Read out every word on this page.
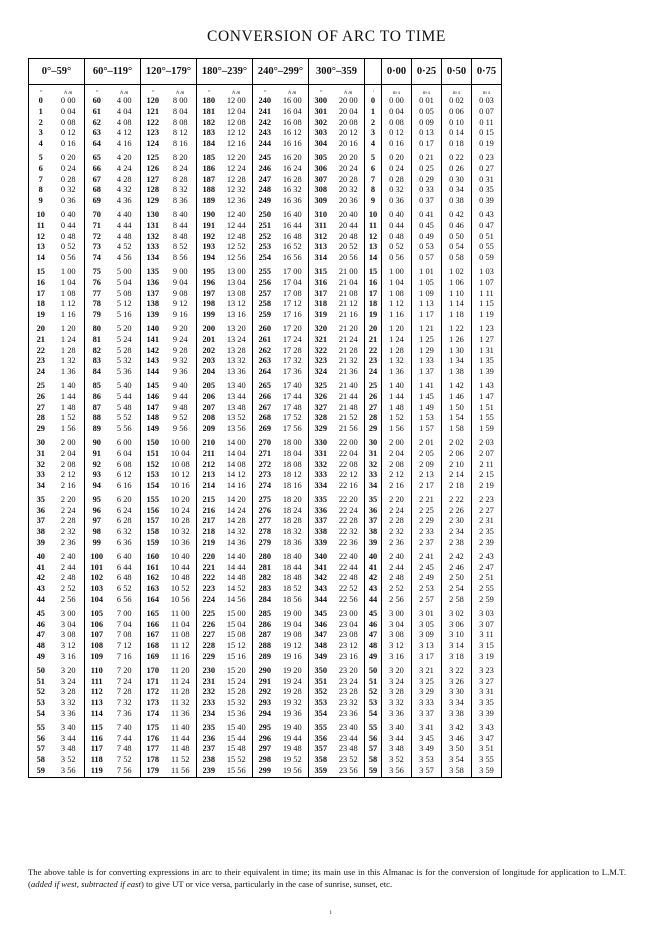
CONVERSION OF ARC TO TIME
0°–59°		60°–119°		120°–179°		180°–239°		240°–299°		300°–359			0·00	0·25	0·50	0·75
°	h m	°	h m	°	h m	°	h m	°	h m	°	h m	'	m s	m s	m s	m s
0	0 00	60	4 00	120	8 00	180	12 00	240	16 00	300	20 00	0	0 00	0 01	0 02	0 03
1	0 04	61	4 04	121	8 04	181	12 04	241	16 04	301	20 04	1	0 04	0 05	0 06	0 07
2	0 08	62	4 08	122	8 08	182	12 08	242	16 08	302	20 08	2	0 08	0 09	0 10	0 11
3	0 12	63	4 12	123	8 12	183	12 12	243	16 12	303	20 12	3	0 12	0 13	0 14	0 15
4	0 16	64	4 16	124	8 16	184	12 16	244	16 16	304	20 16	4	0 16	0 17	0 18	0 19
5	0 20	65	4 20	125	8 20	185	12 20	245	16 20	305	20 20	5	0 20	0 21	0 22	0 23
6	0 24	66	4 24	126	8 24	186	12 24	246	16 24	306	20 24	6	0 24	0 25	0 26	0 27
7	0 28	67	4 28	127	8 28	187	12 28	247	16 28	307	20 28	7	0 28	0 29	0 30	0 31
8	0 32	68	4 32	128	8 32	188	12 32	248	16 32	308	20 32	8	0 32	0 33	0 34	0 35
9	0 36	69	4 36	129	8 36	189	12 36	249	16 36	309	20 36	9	0 36	0 37	0 38	0 39
10	0 40	70	4 40	130	8 40	190	12 40	250	16 40	310	20 40	10	0 40	0 41	0 42	0 43
11	0 44	71	4 44	131	8 44	191	12 44	251	16 44	311	20 44	11	0 44	0 45	0 46	0 47
12	0 48	72	4 48	132	8 48	192	12 48	252	16 48	312	20 48	12	0 48	0 49	0 50	0 51
13	0 52	73	4 52	133	8 52	193	12 52	253	16 52	313	20 52	13	0 52	0 53	0 54	0 55
14	0 56	74	4 56	134	8 56	194	12 56	254	16 56	314	20 56	14	0 56	0 57	0 58	0 59
15	1 00	75	5 00	135	9 00	195	13 00	255	17 00	315	21 00	15	1 00	1 01	1 02	1 03
16	1 04	76	5 04	136	9 04	196	13 04	256	17 04	316	21 04	16	1 04	1 05	1 06	1 07
17	1 08	77	5 08	137	9 08	197	13 08	257	17 08	317	21 08	17	1 08	1 09	1 10	1 11
18	1 12	78	5 12	138	9 12	198	13 12	258	17 12	318	21 12	18	1 12	1 13	1 14	1 15
19	1 16	79	5 16	139	9 16	199	13 16	259	17 16	319	21 16	19	1 16	1 17	1 18	1 19
20	1 20	80	5 20	140	9 20	200	13 20	260	17 20	320	21 20	20	1 20	1 21	1 22	1 23
21	1 24	81	5 24	141	9 24	201	13 24	261	17 24	321	21 24	21	1 24	1 25	1 26	1 27
22	1 28	82	5 28	142	9 28	202	13 28	262	17 28	322	21 28	22	1 28	1 29	1 30	1 31
23	1 32	83	5 32	143	9 32	203	13 32	263	17 32	323	21 32	23	1 32	1 33	1 34	1 35
24	1 36	84	5 36	144	9 36	204	13 36	264	17 36	324	21 36	24	1 36	1 37	1 38	1 39
25	1 40	85	5 40	145	9 40	205	13 40	265	17 40	325	21 40	25	1 40	1 41	1 42	1 43
26	1 44	86	5 44	146	9 44	206	13 44	266	17 44	326	21 44	26	1 44	1 45	1 46	1 47
27	1 48	87	5 48	147	9 48	207	13 48	267	17 48	327	21 48	27	1 48	1 49	1 50	1 51
28	1 52	88	5 52	148	9 52	208	13 52	268	17 52	328	21 52	28	1 52	1 53	1 54	1 55
29	1 56	89	5 56	149	9 56	209	13 56	269	17 56	329	21 56	29	1 56	1 57	1 58	1 59
30	2 00	90	6 00	150	10 00	210	14 00	270	18 00	330	22 00	30	2 00	2 01	2 02	2 03
31	2 04	91	6 04	151	10 04	211	14 04	271	18 04	331	22 04	31	2 04	2 05	2 06	2 07
32	2 08	92	6 08	152	10 08	212	14 08	272	18 08	332	22 08	32	2 08	2 09	2 10	2 11
33	2 12	93	6 12	153	10 12	213	14 12	273	18 12	333	22 12	33	2 12	2 13	2 14	2 15
34	2 16	94	6 16	154	10 16	214	14 16	274	18 16	334	22 16	34	2 16	2 17	2 18	2 19
35	2 20	95	6 20	155	10 20	215	14 20	275	18 20	335	22 20	35	2 20	2 21	2 22	2 23
36	2 24	96	6 24	156	10 24	216	14 24	276	18 24	336	22 24	36	2 24	2 25	2 26	2 27
37	2 28	97	6 28	157	10 28	217	14 28	277	18 28	337	22 28	37	2 28	2 29	2 30	2 31
38	2 32	98	6 32	158	10 32	218	14 32	278	18 32	338	22 32	38	2 32	2 33	2 34	2 35
39	2 36	99	6 36	159	10 36	219	14 36	279	18 36	339	22 36	39	2 36	2 37	2 38	2 39
40	2 40	100	6 40	160	10 40	220	14 40	280	18 40	340	22 40	40	2 40	2 41	2 42	2 43
41	2 44	101	6 44	161	10 44	221	14 44	281	18 44	341	22 44	41	2 44	2 45	2 46	2 47
42	2 48	102	6 48	162	10 48	222	14 48	282	18 48	342	22 48	42	2 48	2 49	2 50	2 51
43	2 52	103	6 52	163	10 52	223	14 52	283	18 52	343	22 52	43	2 52	2 53	2 54	2 55
44	2 56	104	6 56	164	10 56	224	14 56	284	18 56	344	22 56	44	2 56	2 57	2 58	2 59
45	3 00	105	7 00	165	11 00	225	15 00	285	19 00	345	23 00	45	3 00	3 01	3 02	3 03
46	3 04	106	7 04	166	11 04	226	15 04	286	19 04	346	23 04	46	3 04	3 05	3 06	3 07
47	3 08	107	7 08	167	11 08	227	15 08	287	19 08	347	23 08	47	3 08	3 09	3 10	3 11
48	3 12	108	7 12	168	11 12	228	15 12	288	19 12	348	23 12	48	3 12	3 13	3 14	3 15
49	3 16	109	7 16	169	11 16	229	15 16	289	19 16	349	23 16	49	3 16	3 17	3 18	3 19
50	3 20	110	7 20	170	11 20	230	15 20	290	19 20	350	23 20	50	3 20	3 21	3 22	3 23
51	3 24	111	7 24	171	11 24	231	15 24	291	19 24	351	23 24	51	3 24	3 25	3 26	3 27
52	3 28	112	7 28	172	11 28	232	15 28	292	19 28	352	23 28	52	3 28	3 29	3 30	3 31
53	3 32	113	7 32	173	11 32	233	15 32	293	19 32	353	23 32	53	3 32	3 33	3 34	3 35
54	3 36	114	7 36	174	11 36	234	15 36	294	19 36	354	23 36	54	3 36	3 37	3 38	3 39
55	3 40	115	7 40	175	11 40	235	15 40	295	19 40	355	23 40	55	3 40	3 41	3 42	3 43
56	3 44	116	7 44	176	11 44	236	15 44	296	19 44	356	23 44	56	3 44	3 45	3 46	3 47
57	3 48	117	7 48	177	11 48	237	15 48	297	19 48	357	23 48	57	3 48	3 49	3 50	3 51
58	3 52	118	7 52	178	11 52	238	15 52	298	19 52	358	23 52	58	3 52	3 53	3 54	3 55
59	3 56	119	7 56	179	11 56	239	15 56	299	19 56	359	23 56	59	3 56	3 57	3 58	3 59
The above table is for converting expressions in arc to their equivalent in time; its main use in this Almanac is for the conversion of longitude for application to L.M.T. (added if west, subtracted if east) to give UT or vice versa, particularly in the case of sunrise, sunset, etc.
i
